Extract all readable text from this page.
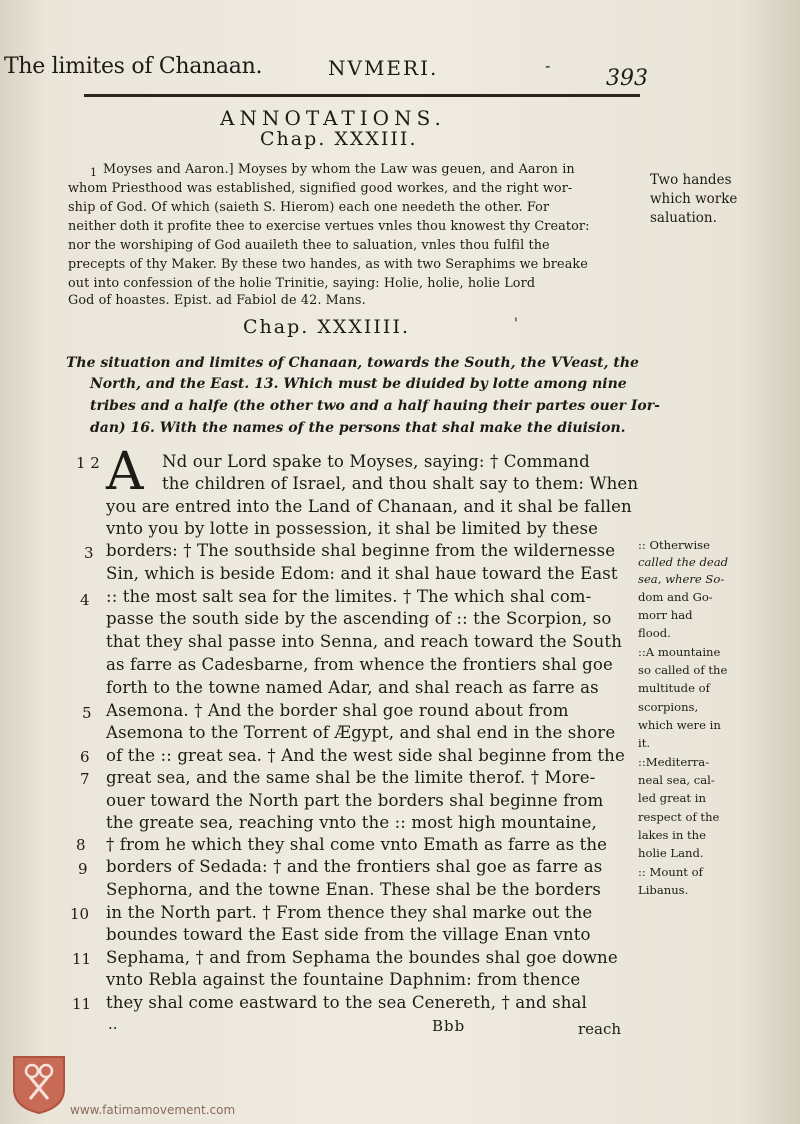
The limites of Chanaan.	NVMERI.	-
393
ANNOTATIONS.
Chap. XXXIII.
1 Moyses and Aaron.] Moyses by whom the Law was geuen, and Aaron in
whom Priesthood was established, signified good workes, and the right wor-
ship of God. Of which (saieth S. Hierom) each one needeth the other. For
neither doth it profite thee to exercise vertues vnles thou knowest thy Creator:
nor the worshiping of God auaileth thee to saluation, vnles thou fulfil the
precepts of thy Maker. By these two handes, as with two Seraphims we breake
out into confession of the holie Trinitie, saying: Holie, holie, holie Lord
God of hoastes. Epist. ad Fabiol de 42. Mans.
Two handes
which worke
saluation.
Chap. XXXIIII.	'
The situation and limites of Chanaan, towards the South, the VVeast, the
North, and the East. 13. Which must be diuided by lotte among nine
tribes and a halfe (the other two and a half hauing their partes ouer Ior-
dan) 16. With the names of the persons that shal make the diuision.
A
1 2
3
4
5
6
7
8
9
10
11
11
Nd our Lord spake to Moyses, saying: † Command
the children of Israel, and thou shalt say to them: When
you are entred into the Land of Chanaan, and it shal be fallen
vnto you by lotte in possession, it shal be limited by these
borders: † The southside shal beginne from the wildernesse
Sin, which is beside Edom: and it shal haue toward the East
:: the most salt sea for the limites. † The which shal com-
passe the south side by the ascending of :: the Scorpion, so
that they shal passe into Senna, and reach toward the South
as farre as Cadesbarne, from whence the frontiers shal goe
forth to the towne named Adar, and shal reach as farre as
Asemona. † And the border shal goe round about from
Asemona to the Torrent of Ægypt, and shal end in the shore
of the :: great sea. † And the west side shal beginne from the
great sea, and the same shal be the limite therof. † More-
ouer toward the North part the borders shal beginne from
the greate sea, reaching vnto the :: most high mountaine,
† from he which they shal come vnto Emath as farre as the
borders of Sedada: † and the frontiers shal goe as farre as
Sephorna, and the towne Enan. These shal be the borders
in the North part. † From thence they shal marke out the
boundes toward the East side from the village Enan vnto
Sephama, † and from Sephama the boundes shal goe downe
vnto Rebla against the fountaine Daphnim: from thence
they shal come eastward to the sea Cenereth, † and shal
:: Otherwise
called the dead
sea, where So-
dom and Go-
morr had
flood.
::A mountaine
so called of the
multitude of
scorpions,
which were in
it.
::Mediterra-
neal sea, cal-
led great in
respect of the
lakes in the
holie Land.
:: Mount of
Libanus.
..	Bbb	reach
www.fatimamovement.com
